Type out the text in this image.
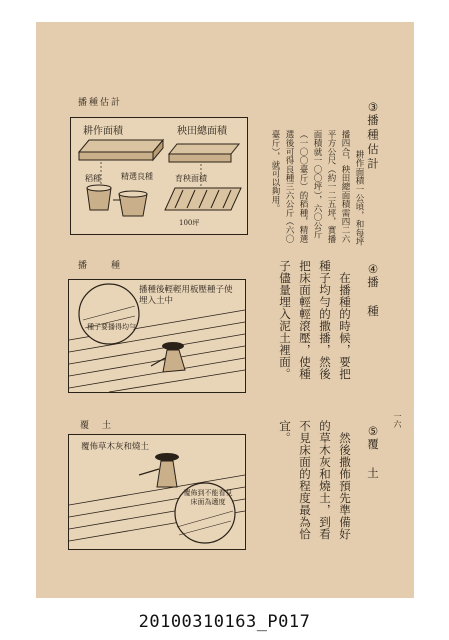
播種估計
耕作面積	秧田總面積
稻種	精選良種	育秧面積
100坪
③
播種估計
耕作面積一公頃，和每坪
播四合，秧田總面積需四二六
平方公尺（約一二五坪，實播
面積就一〇〇坪），六〇公斤
（一〇〇臺斤）的稻種，精選
選後可得良種三六公斤（六〇
臺斤），就可以夠用。
播　　種
播種後輕輕用板壓種子使埋入土中
種子要播得均勻
④
播　種
在播種的時候，要把
種子均勻的撒播，然後
把床面輕輕滾壓，使種
子儘量埋入泥土裡面。
覆　土
覆佈草木灰和燒土
覆佈到不能看見床面為適度
⑤
覆　土
然後撒佈預先準備好
的草木灰和燒土，到看
不見床面的程度最為恰
宜。	一六
20100310163_P017
